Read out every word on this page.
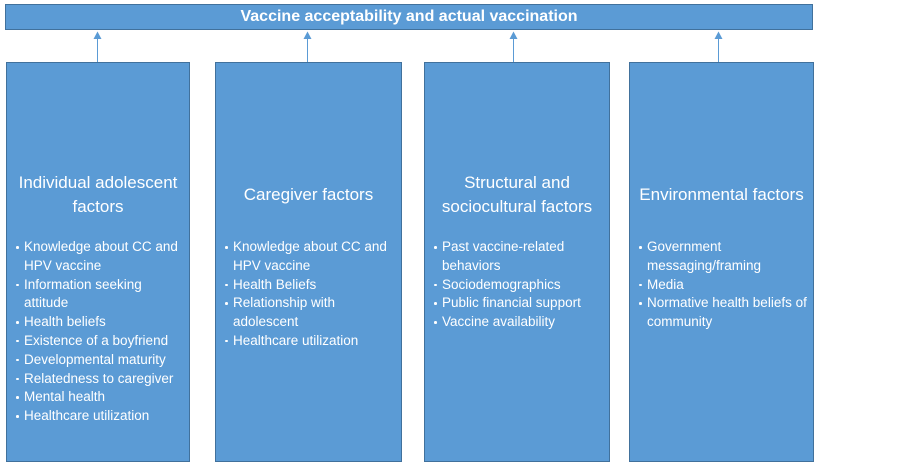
Vaccine acceptability and actual vaccination
Individual adolescent factors
Knowledge about CC and HPV vaccine
Information seeking attitude
Health beliefs
Existence of a boyfriend
Developmental maturity
Relatedness to caregiver
Mental health
Healthcare utilization
Caregiver factors
Knowledge about CC and HPV vaccine
Health Beliefs
Relationship with adolescent
Healthcare utilization
Structural and sociocultural factors
Past vaccine-related behaviors
Sociodemographics
Public financial support
Vaccine availability
Environmental factors
Government messaging/framing
Media
Normative health beliefs of community
